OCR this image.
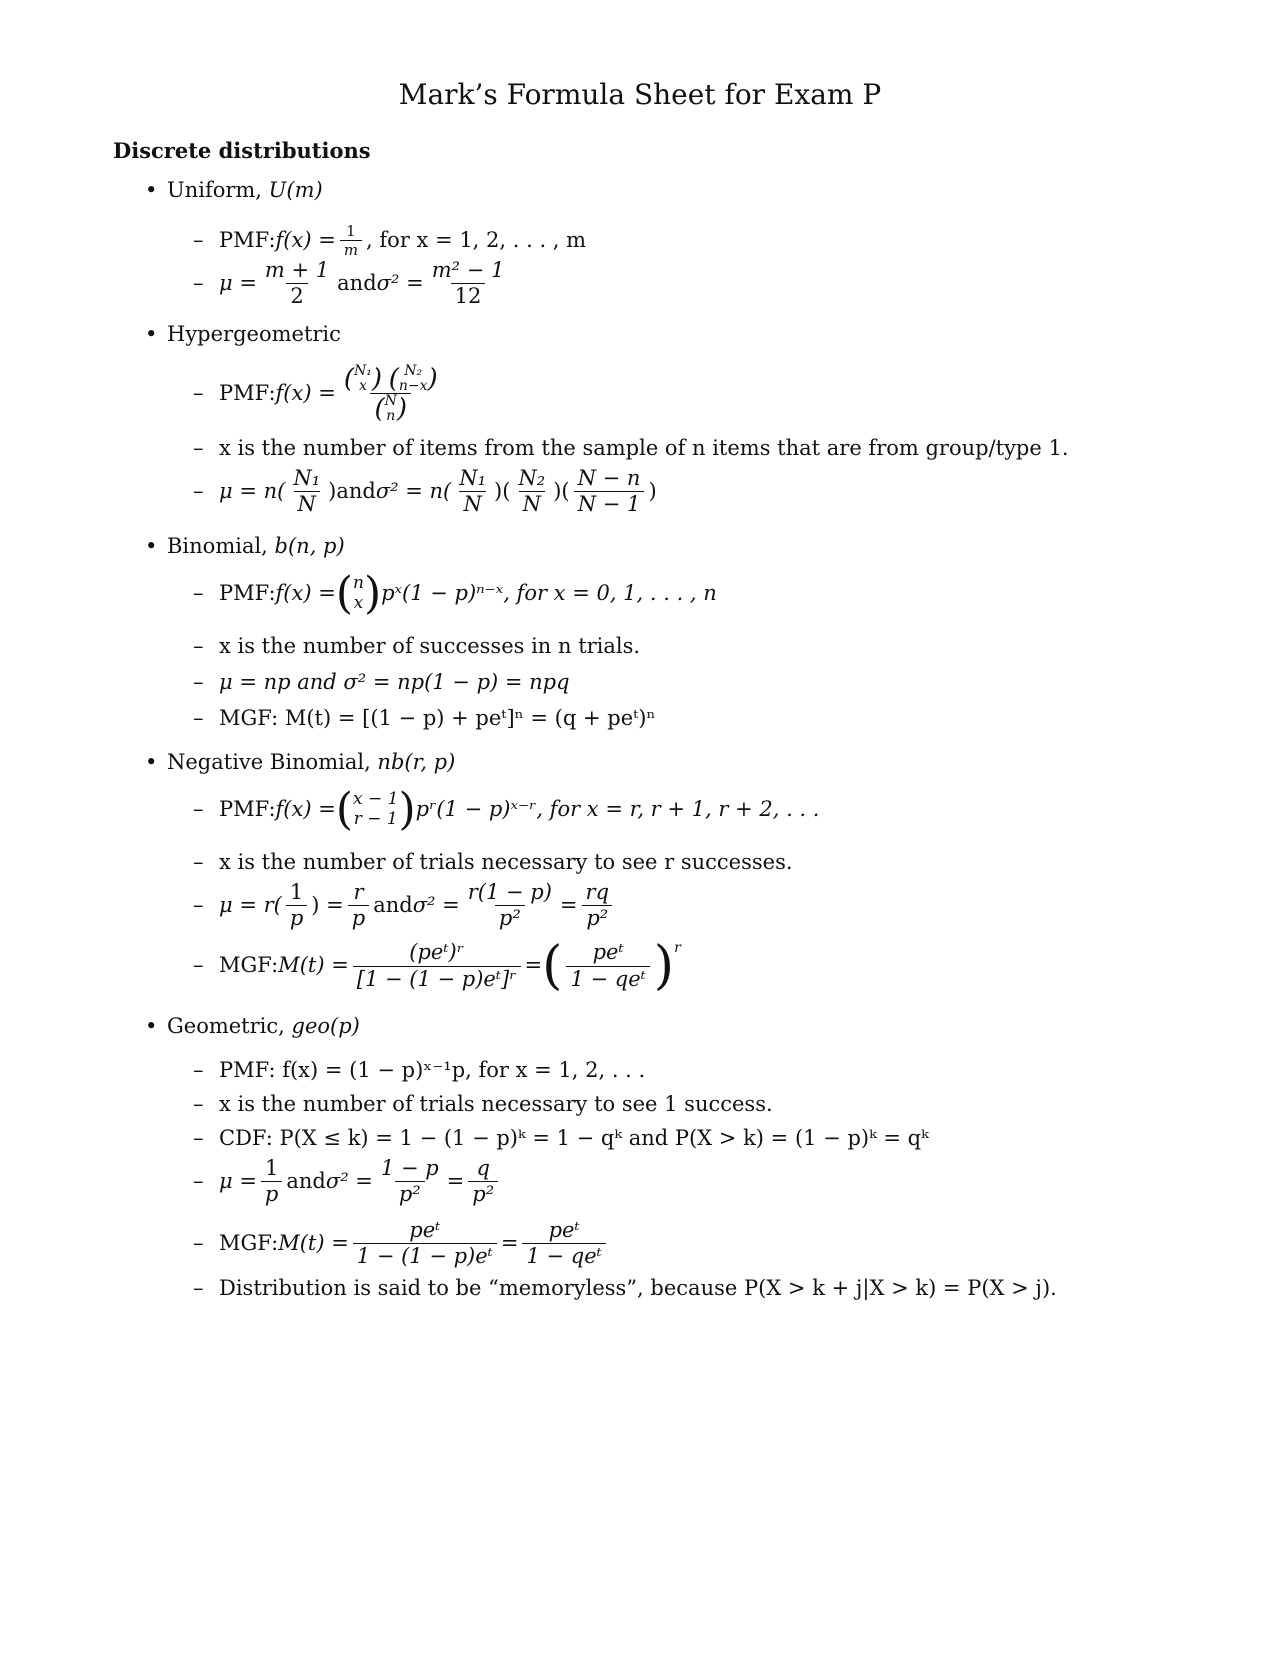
Mark’s Formula Sheet for Exam P
Discrete distributions
• Uniform, U(m)
– PMF: $f(x) = \frac{1}{m}$ , for x = 1, 2, . . . , m
– $\mu = \frac{m + 1}{2}$ and $\sigma^2 = \frac{\text{m² − 1}}{12}$
• Hypergeometric
– PMF: f(x) = ( N₁
x )
( N₂
n−x )
( N
n )
– x is the number of items from the sample of n items that are from group/type 1.
– $\mu = n( \frac{\text{N₁}}{N}$ ) and $\sigma^2 = n( \frac{\text{N₁}}{N}$ )( $\frac{\text{N₂}}{N}$ )( $\frac{N - n}{N - 1}$ )
• Binomial, b(n, p)
– PMF: f(x) = ( n
x ) pˣ(1 − p)ⁿ⁻ˣ, for x = 0, 1, . . . , n
– x is the number of successes in n trials.
– μ = np and σ² = np(1 − p) = npq
– MGF: M(t) = [(1 − p) + peᵗ]ⁿ = (q + peᵗ)ⁿ
• Negative Binomial, nb(r, p)
– PMF: f(x) = ( x − 1
r − 1 ) pʳ(1 − p)ˣ⁻ʳ, for x = r, r + 1, r + 2, . . .
– x is the number of trials necessary to see r successes.
– $\mu = r( \frac{1}{p}$ ) = $\frac{r}{p}$ and $\sigma^2 = \frac{r(1 - p)}{\text{p²}} = \frac{rq}{\text{p²}}$
– MGF: $M(t) = \frac{\text{(peᵗ)ʳ}}{\text{[1 − (1 − p)eᵗ]ʳ}}$ = ( $\frac{\text{peᵗ}}{\text{1 − qeᵗ}}$ ) $^r$
• Geometric, geo(p)
– PMF: f(x) = (1 − p)ˣ⁻¹p, for x = 1, 2, . . .
– x is the number of trials necessary to see 1 success.
– CDF: P(X ≤ k) = 1 − (1 − p)ᵏ = 1 − qᵏ and P(X > k) = (1 − p)ᵏ = qᵏ
– $\mu = \frac{1}{p}$ and $\sigma^2 = \frac{1 - p}{\text{p²}} = \frac{q}{\text{p²}}$
– MGF: $M(t) = \frac{\text{peᵗ}}{\text{1 − (1 − p)eᵗ}} = \frac{\text{peᵗ}}{\text{1 − qeᵗ}}$
– Distribution is said to be “memoryless”, because P(X > k + j|X > k) = P(X > j).
